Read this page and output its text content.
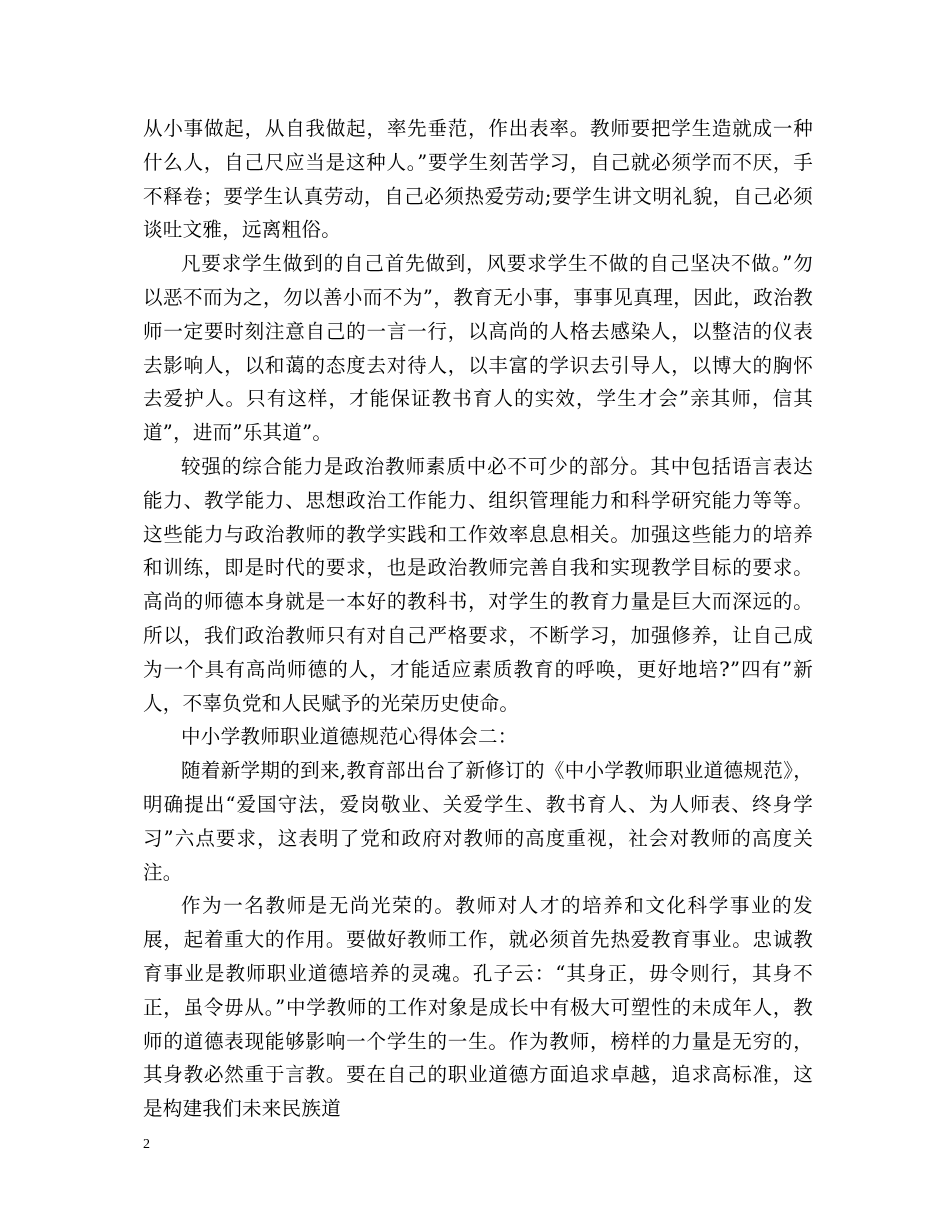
从小事做起，从自我做起，率先垂范，作出表率。教师要把学生造就成一种什么人，自己尺应当是这种人。”要学生刻苦学习，自己就必须学而不厌，手不释卷；要学生认真劳动，自己必须热爱劳动;要学生讲文明礼貌，自己必须谈吐文雅，远离粗俗。

凡要求学生做到的自己首先做到，风要求学生不做的自己坚决不做。”勿以恶不而为之，勿以善小而不为”，教育无小事，事事见真理，因此，政治教师一定要时刻注意自己的一言一行，以高尚的人格去感染人，以整洁的仪表去影响人，以和蔼的态度去对待人，以丰富的学识去引导人，以博大的胸怀去爱护人。只有这样，才能保证教书育人的实效，学生才会”亲其师，信其道”，进而”乐其道”。

较强的综合能力是政治教师素质中必不可少的部分。其中包括语言表达能力、教学能力、思想政治工作能力、组织管理能力和科学研究能力等等。这些能力与政治教师的教学实践和工作效率息息相关。加强这些能力的培养和训练，即是时代的要求，也是政治教师完善自我和实现教学目标的要求。高尚的师德本身就是一本好的教科书，对学生的教育力量是巨大而深远的。所以，我们政治教师只有对自己严格要求，不断学习，加强修养，让自己成为一个具有高尚师德的人，才能适应素质教育的呼唤，更好地培?”四有”新人，不辜负党和人民赋予的光荣历史使命。

中小学教师职业道德规范心得体会二：

随着新学期的到来,教育部出台了新修订的《中小学教师职业道德规范》，明确提出“爱国守法，爱岗敬业、关爱学生、教书育人、为人师表、终身学习”六点要求，这表明了党和政府对教师的高度重视，社会对教师的高度关注。

作为一名教师是无尚光荣的。教师对人才的培养和文化科学事业的发展，起着重大的作用。要做好教师工作，就必须首先热爱教育事业。忠诚教育事业是教师职业道德培养的灵魂。孔子云：“其身正，毋令则行，其身不正，虽令毋从。”中学教师的工作对象是成长中有极大可塑性的未成年人，教师的道德表现能够影响一个学生的一生。作为教师，榜样的力量是无穷的，其身教必然重于言教。要在自己的职业道德方面追求卓越，追求高标准，这是构建我们未来民族道

2
